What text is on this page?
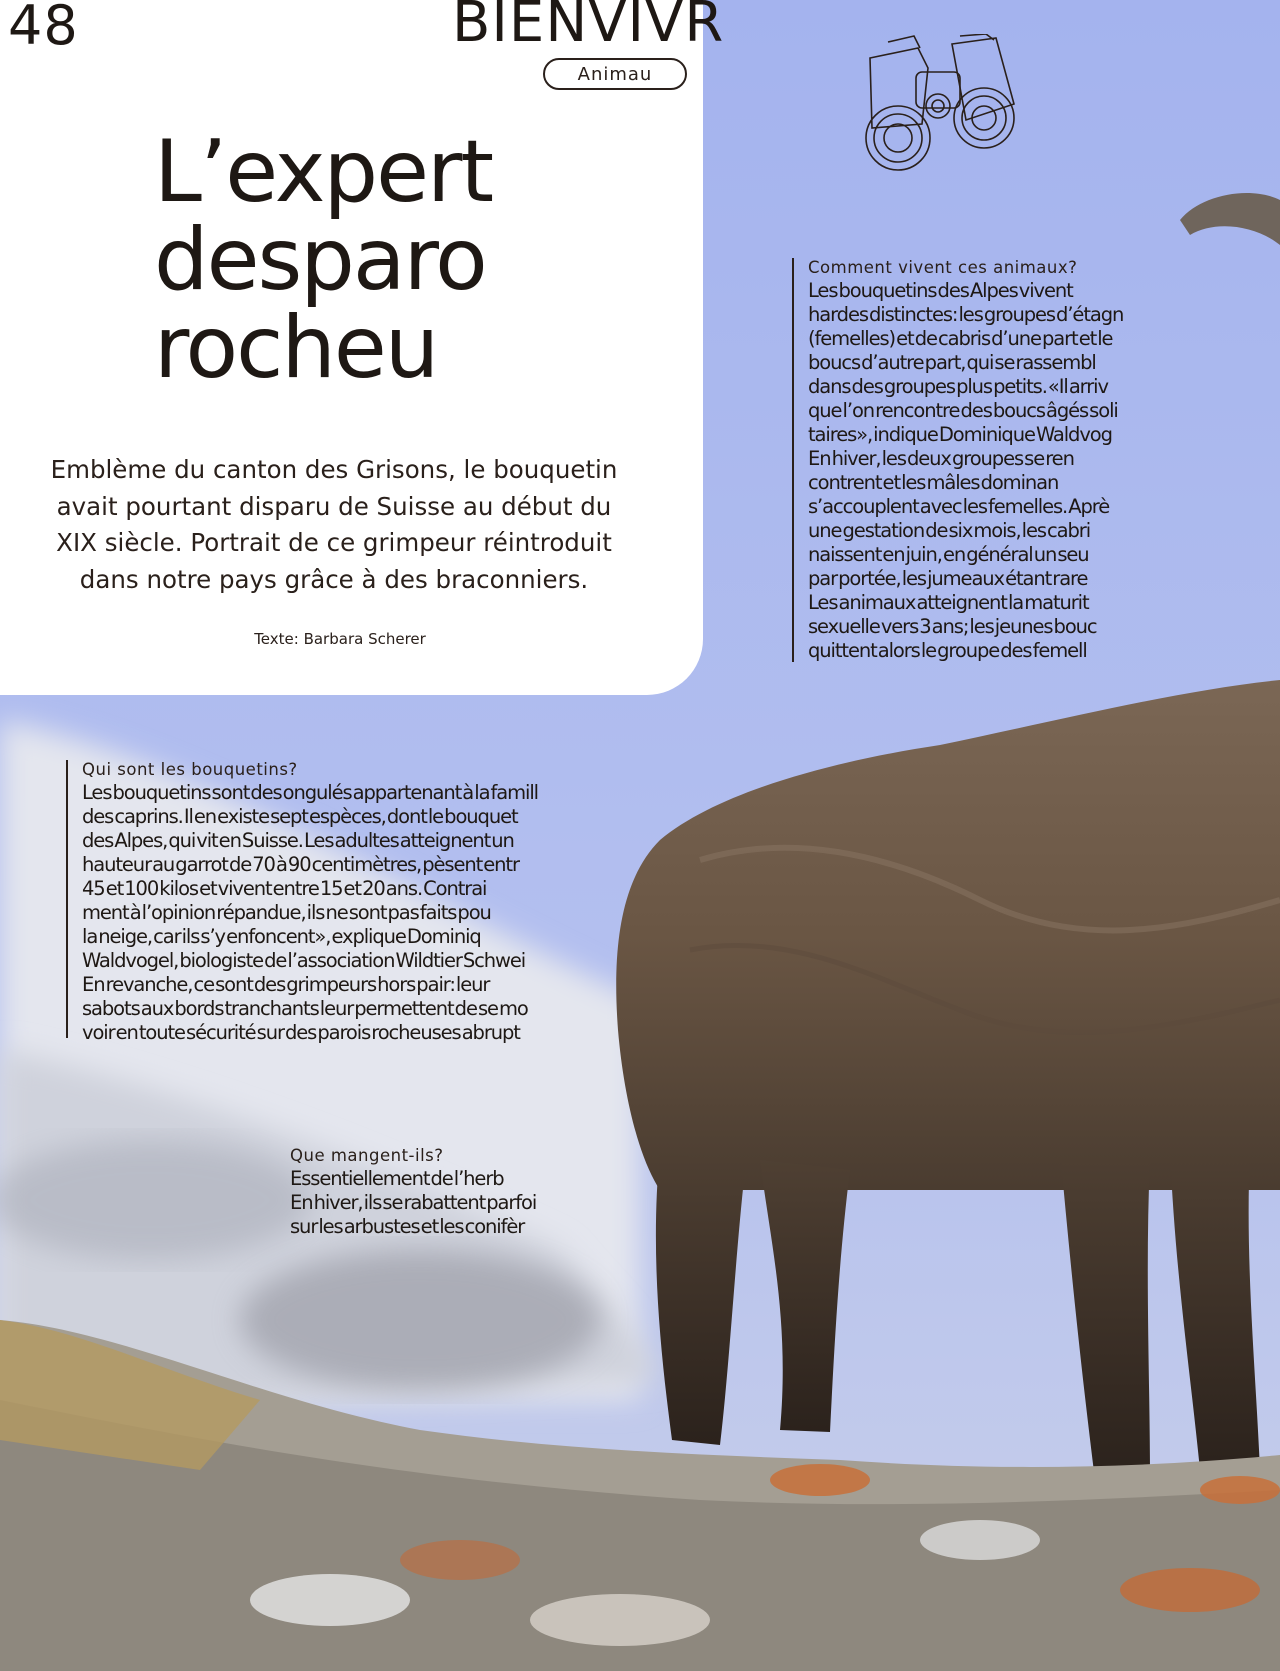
48	BIENVIVR
Animau
L’expert
desparo
rocheu
Emblème du canton des Grisons, le bouquetin
avait pourtant disparu de Suisse au début du
XIX siècle. Portrait de ce grimpeur réintroduit
dans notre pays grâce à des braconniers.
Texte: Barbara Scherer
Comment vivent ces animaux?
Les bouquetins des Alpes vivent
hardes distinctes: les groupes d’étagn
(femelles) et de cabris d’une part et le
boucs d’autre part, qui se rassembl
dans des groupes plus petits. «Il arriv
que l’on rencontre des boucs âgés soli
taires», indique Dominique Waldvog
En hiver, les deux groupes se ren
contrent et les mâles dominan
s’accouplent avec les femelles. Aprè
une gestation de six mois, les cabri
naissent en juin, en général un seu
par portée, les jumeaux étant rare
Les animaux atteignent la maturit
sexuelle vers 3 ans; les jeunes bouc
quittent alors le groupe des femell
Qui sont les bouquetins?
Les bouquetins sont des ongulés appartenant à la famill
des caprins. Il en existe sept espèces, dont le bouquet
des Alpes, qui vit en Suisse. Les adultes atteignent un
hauteur au garrot de 70 à 90 centimètres, pèsent entr
45 et 100 kilos et vivent entre 15 et 20 ans. Contrai
ment à l’opinion répandue, ils ne sont pas faits pou
la neige, car ils s’y enfoncent», explique Dominiq
Waldvogel, biologiste de l’association Wildtier Schwei
En revanche, ce sont des grimpeurs hors pair: leur
sabots aux bords tranchants leur permettent de se mo
voir en toute sécurité sur des parois rocheuses abrupt
Que mangent-ils?
Essentiellement de l’herb
En hiver, ils se rabattent parfoi
sur les arbustes et les conifèr
